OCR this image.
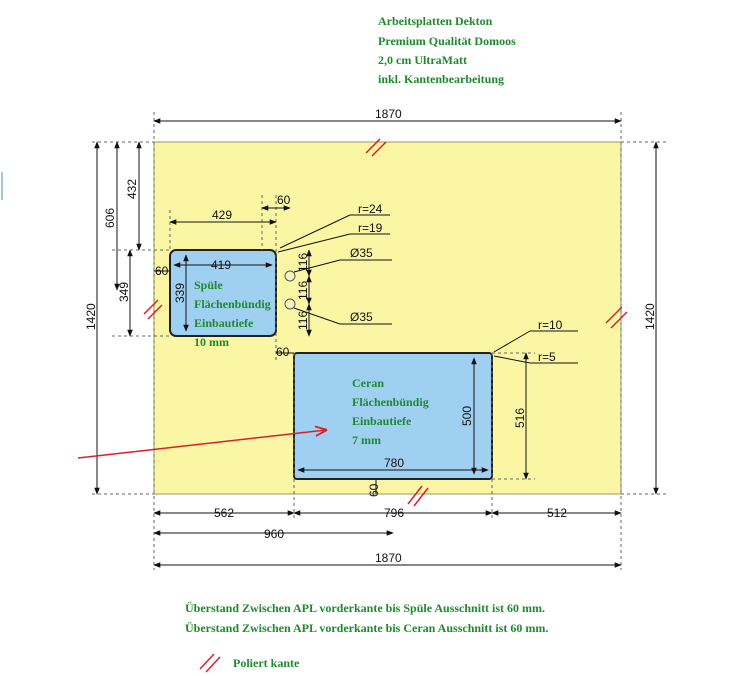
Arbeitsplatten Dekton
Premium Qualität Domoos
2,0 cm UltraMatt
inkl. Kantenbearbeitung
1870
1870
1420	1420
606
432
349	339
60
429
60
419	116
116
116
60
r=24
r=19
Ø35
Ø35
r=10
r=5
500	516
780
60
562	796	512
960
Spüle
Flächenbündig
Einbautiefe
10 mm
Ceran
Flächenbündig
Einbautiefe
7 mm
Überstand Zwischen APL vorderkante bis Spüle Ausschnitt ist 60 mm.
Überstand Zwischen APL vorderkante bis Ceran Ausschnitt ist 60 mm.
Poliert kante
